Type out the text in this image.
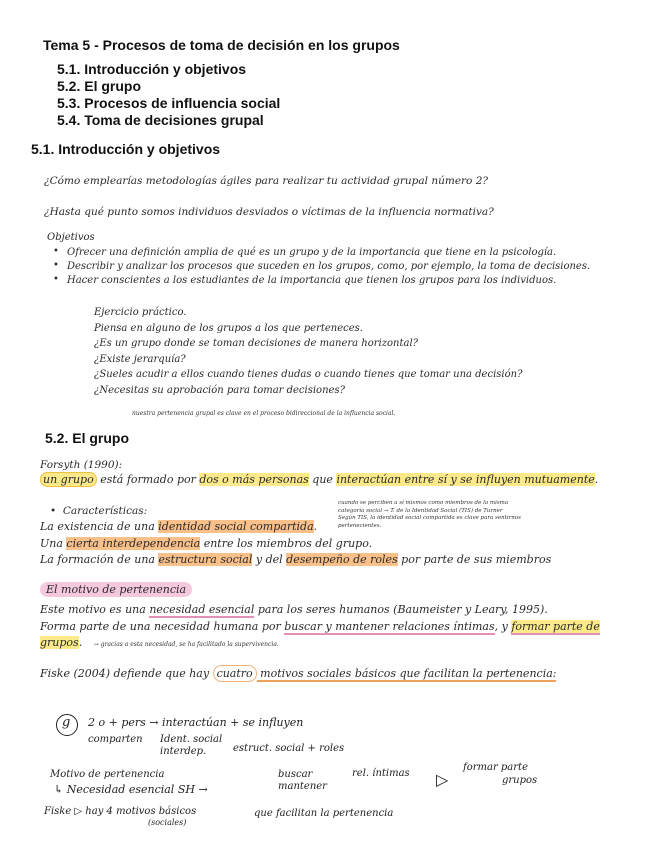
Tema 5 - Procesos de toma de decisión en los grupos
5.1. Introducción y objetivos
5.2. El grupo
5.3. Procesos de influencia social
5.4. Toma de decisiones grupal
5.1. Introducción y objetivos
¿Cómo emplearías metodologías ágiles para realizar tu actividad grupal número 2?
¿Hasta qué punto somos individuos desviados o víctimas de la influencia normativa?
Objetivos
• Ofrecer una definición amplia de qué es un grupo y de la importancia que tiene en la psicología.
• Describir y analizar los procesos que suceden en los grupos, como, por ejemplo, la toma de decisiones.
• Hacer conscientes a los estudiantes de la importancia que tienen los grupos para los individuos.
Ejercicio práctico.
Piensa en alguno de los grupos a los que perteneces.
¿Es un grupo donde se toman decisiones de manera horizontal?
¿Existe jerarquía?
¿Sueles acudir a ellos cuando tienes dudas o cuando tienes que tomar una decisión?
¿Necesitas su aprobación para tomar decisiones?
nuestra pertenencia grupal es clave en el proceso bidireccional de la influencia social.
5.2. El grupo
Forsyth (1990):
un grupo está formado por dos o más personas que interactúan entre sí y se influyen mutuamente.
•  Características:
cuando se perciben a sí mismos como miembros de la misma
categoría social → T. de la Identidad Social (TIS) de Turner
Según TIS, la identidad social compartida es clave para sentirnos
pertenecientes.
La existencia de una identidad social compartida.
Una cierta interdependencia entre los miembros del grupo.
La formación de una estructura social y del desempeño de roles por parte de sus miembros
El motivo de pertenencia
Este motivo es una necesidad esencial para los seres humanos (Baumeister y Leary, 1995).
Forma parte de una necesidad humana por buscar y mantener relaciones íntimas, y formar parte de
grupos. → gracias a esta necesidad, se ha facilitado la supervivencia.
Fiske (2004) defiende que hay cuatro motivos sociales básicos que facilitan la pertenencia:
g 2 o + pers → interactúan + se influyen
comparten Ident. social
interdep.	estruct. social + roles
Motivo de pertenencia
↳ Necesidad esencial SH →
buscar
mantener
rel. íntimas ▷
formar parte
grupos
Fiske ▷ hay 4 motivos básicos
(sociales)
que facilitan la pertenencia
